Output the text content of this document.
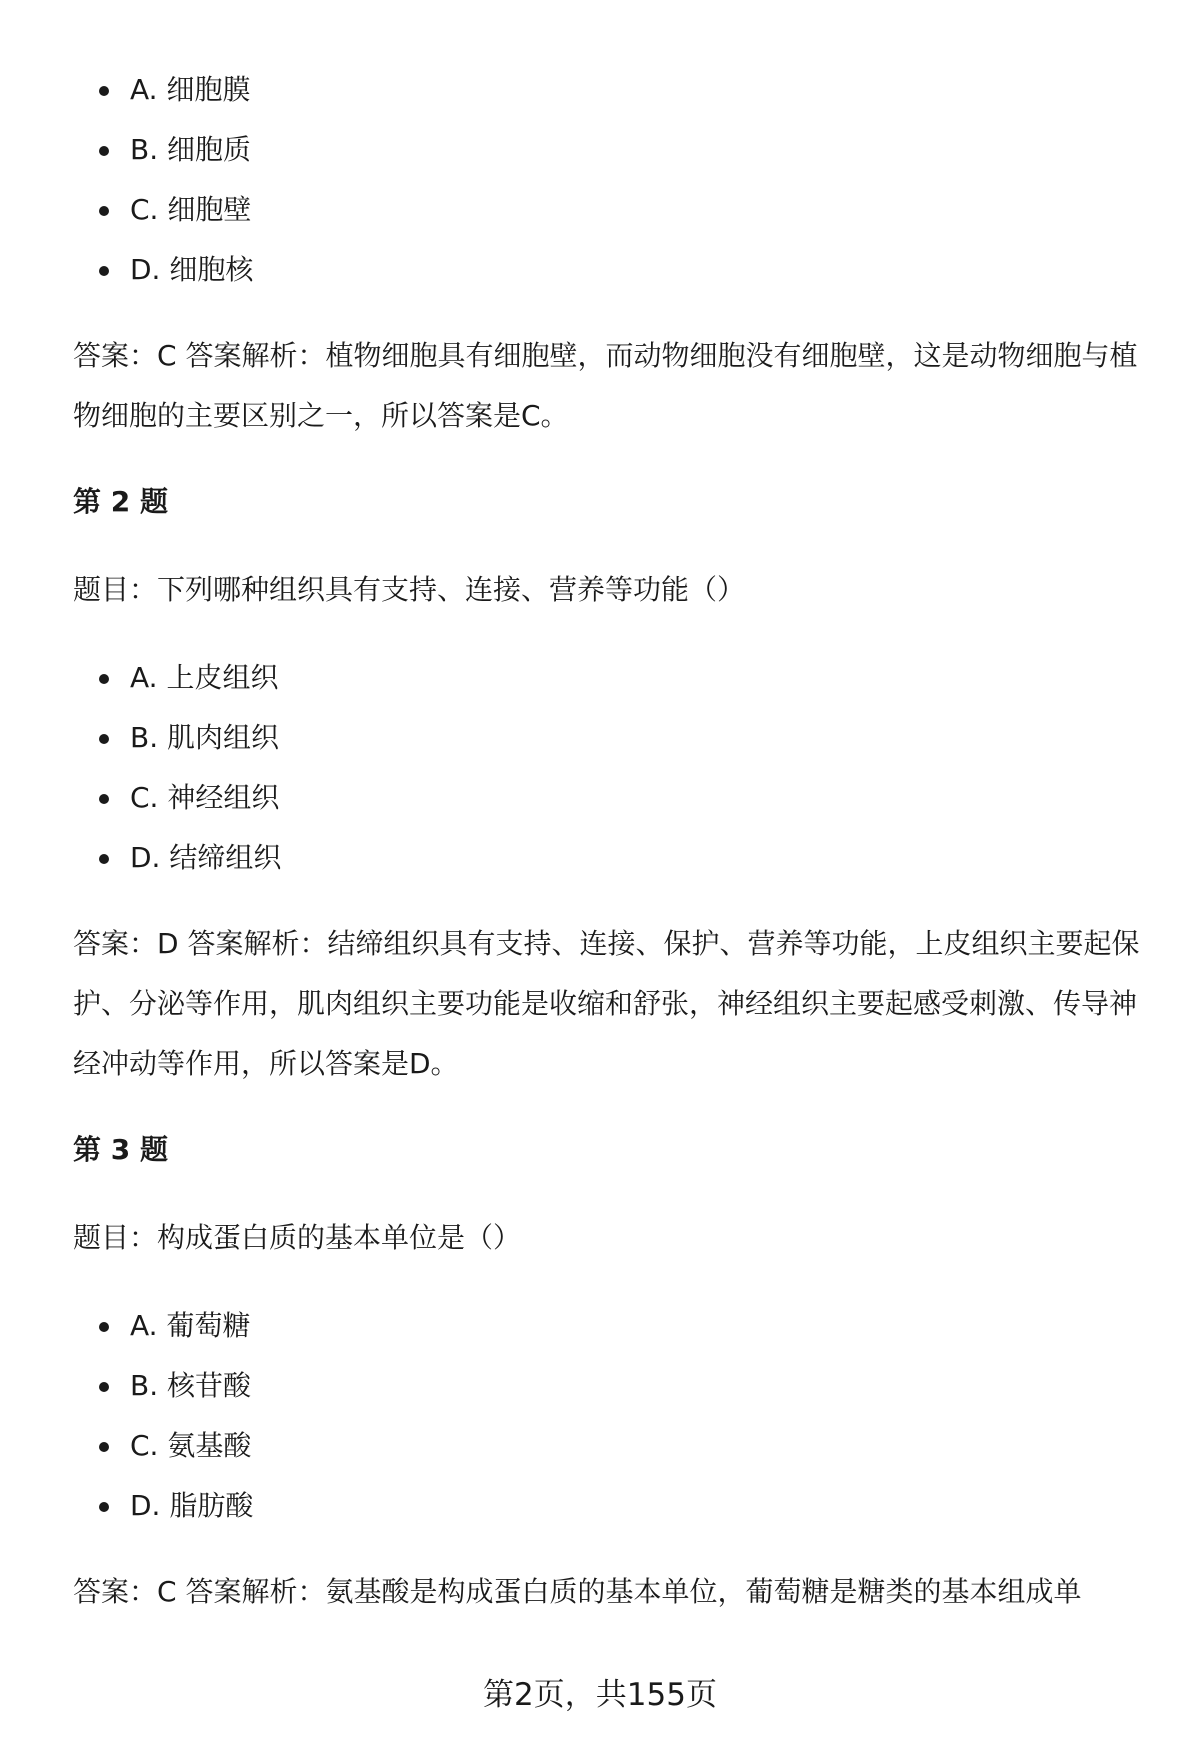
A. 细胞膜
B. 细胞质
C. 细胞壁
D. 细胞核

答案：C 答案解析：植物细胞具有细胞壁，而动物细胞没有细胞壁，这是动物细胞与植物细胞的主要区别之一，所以答案是C。

第 2 题

题目：下列哪种组织具有支持、连接、营养等功能（）

A. 上皮组织
B. 肌肉组织
C. 神经组织
D. 结缔组织

答案：D 答案解析：结缔组织具有支持、连接、保护、营养等功能，上皮组织主要起保护、分泌等作用，肌肉组织主要功能是收缩和舒张，神经组织主要起感受刺激、传导神经冲动等作用，所以答案是D。

第 3 题

题目：构成蛋白质的基本单位是（）

A. 葡萄糖
B. 核苷酸
C. 氨基酸
D. 脂肪酸

答案：C 答案解析：氨基酸是构成蛋白质的基本单位，葡萄糖是糖类的基本组成单

第2页，共155页
